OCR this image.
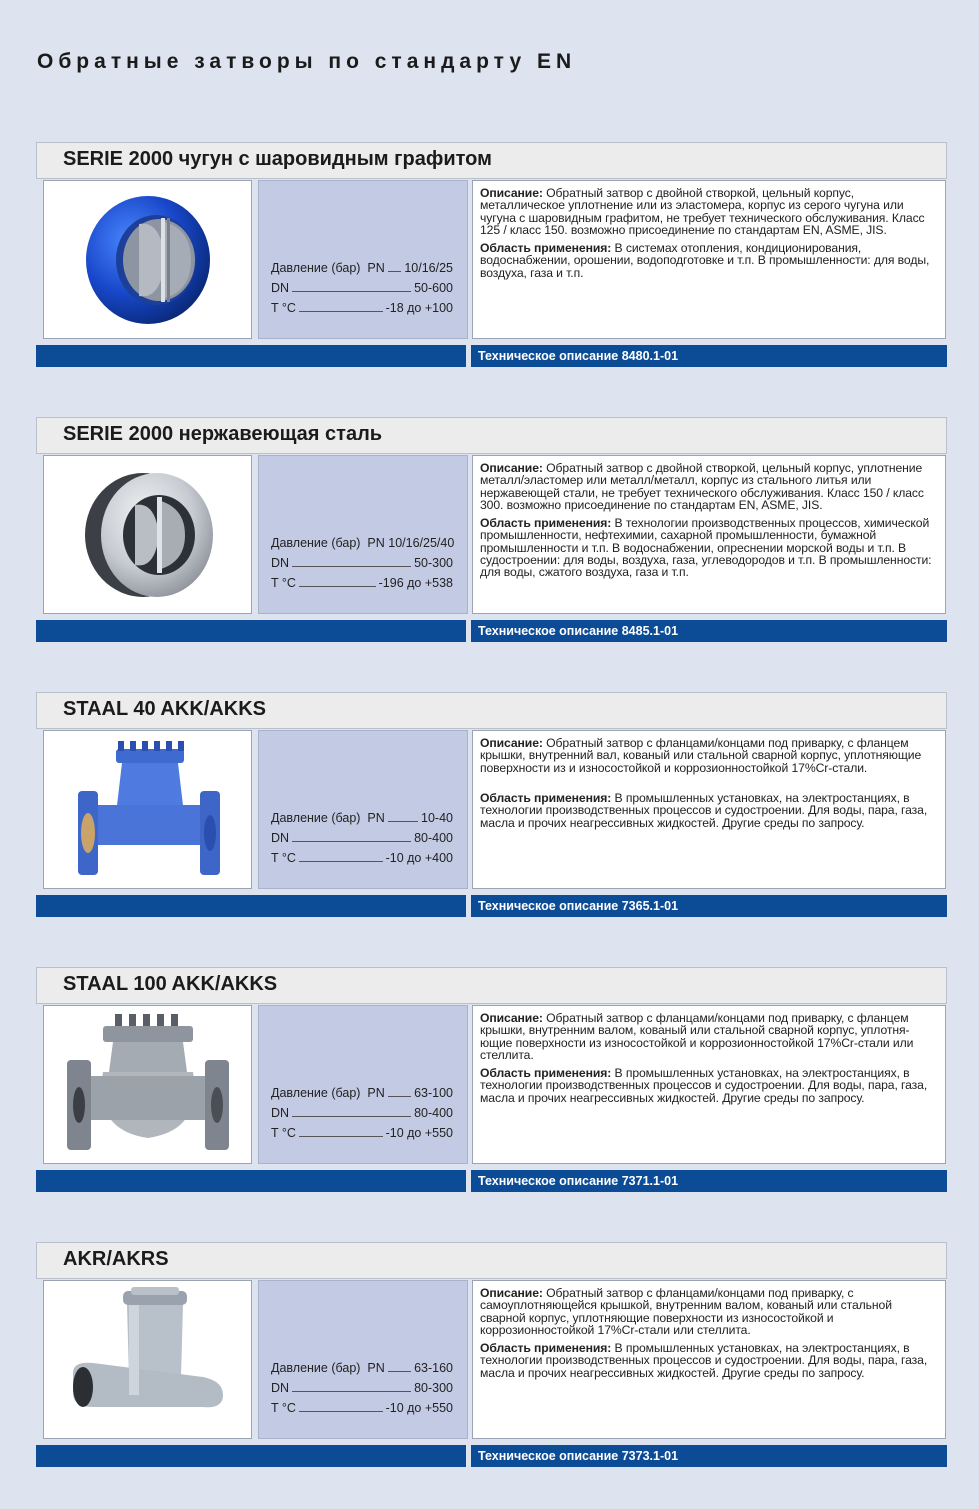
Обратные затворы по стандарту EN
SERIE 2000 чугун с шаровидным графитом
Давление (бар)
PN 10/16/25
DN	50-600
T °C	-18 до +100

Описание: Обратный затвор с двойной створкой, цельный корпус, металлическое уплотнение или из эластомера, корпус из серого чугуна или чугуна с шаровидным графитом, не требует технического обслуживания. Класс 125 / класс 150. возможно присоединение по стандартам EN, ASME, JIS.

Область применения: В системах отопления, кондиционирования, водоснабжении, орошении, водоподготовке и т.п. В промышленности: для воды, воздуха, газа и т.п.

Техническое описание 8480.1-01
SERIE 2000 нержавеющая сталь
Давление (бар)
PN
10/16/25/40
DN	50-300
T °C	-196 до +538

Описание: Обратный затвор с двойной створкой, цельный корпус, уплотнение металл/эластомер или металл/металл, корпус из стального литья или нержавеющей стали, не требует технического обслуживания. Класс 150 / класс 300. возможно присоединение по стандартам EN, ASME, JIS.

Область применения: В технологии производственных процессов, химической промышленности, нефтехимии, сахарной промышленности, бумажной промышленности и т.п. В водоснабжении, опреснении морской воды и т.п. В судостроении: для воды, воздуха, газа, углеводородов и т.п. В промышленности: для воды, сжатого воздуха, газа и т.п.

Техническое описание 8485.1-01
STAAL 40 AKK/AKKS
Давление (бар)
PN	10-40
DN	80-400
T °C	-10 до +400

Описание: Обратный затвор с фланцами/концами под приварку, с фланцем крышки, внутренний вал, кованый или стальной сварной корпус, уплотняющие поверхности из и износостойкой и коррозионностойкой 17%Cr-стали.

Область применения: В промышленных установках, на электростанциях, в технологии производственных процессов и судостроении. Для воды, пара, газа, масла и прочих неагрессивных жидкостей. Другие среды по запросу.

Техническое описание 7365.1-01
STAAL 100 AKK/AKKS
Давление (бар)
PN 63-100
DN	80-400
T °C	-10 до +550

Описание: Обратный затвор с фланцами/концами под приварку, с фланцем крышки, внутренним валом, кованый или стальной сварной корпус, уплотня-ющие поверхности из износостойкой и коррозионностойкой 17%Cr-стали или стеллита.

Область применения: В промышленных установках, на электростанциях, в технологии производственных процессов и судостроении. Для воды, пара, газа, масла и прочих неагрессивных жидкостей. Другие среды по запросу.

Техническое описание 7371.1-01
AKR/AKRS
Давление (бар)
PN 63-160
DN	80-300
T °C	-10 до +550

Описание: Обратный затвор с фланцами/концами под приварку, с самоуплотняющейся крышкой, внутренним валом, кованый или стальной сварной корпус, уплотняющие поверхности из износостойкой и коррозионностойкой 17%Cr-стали или стеллита.

Область применения: В промышленных установках, на электростанциях, в технологии производственных процессов и судостроении. Для воды, пара, газа, масла и прочих неагрессивных жидкостей. Другие среды по запросу.

Техническое описание 7373.1-01
